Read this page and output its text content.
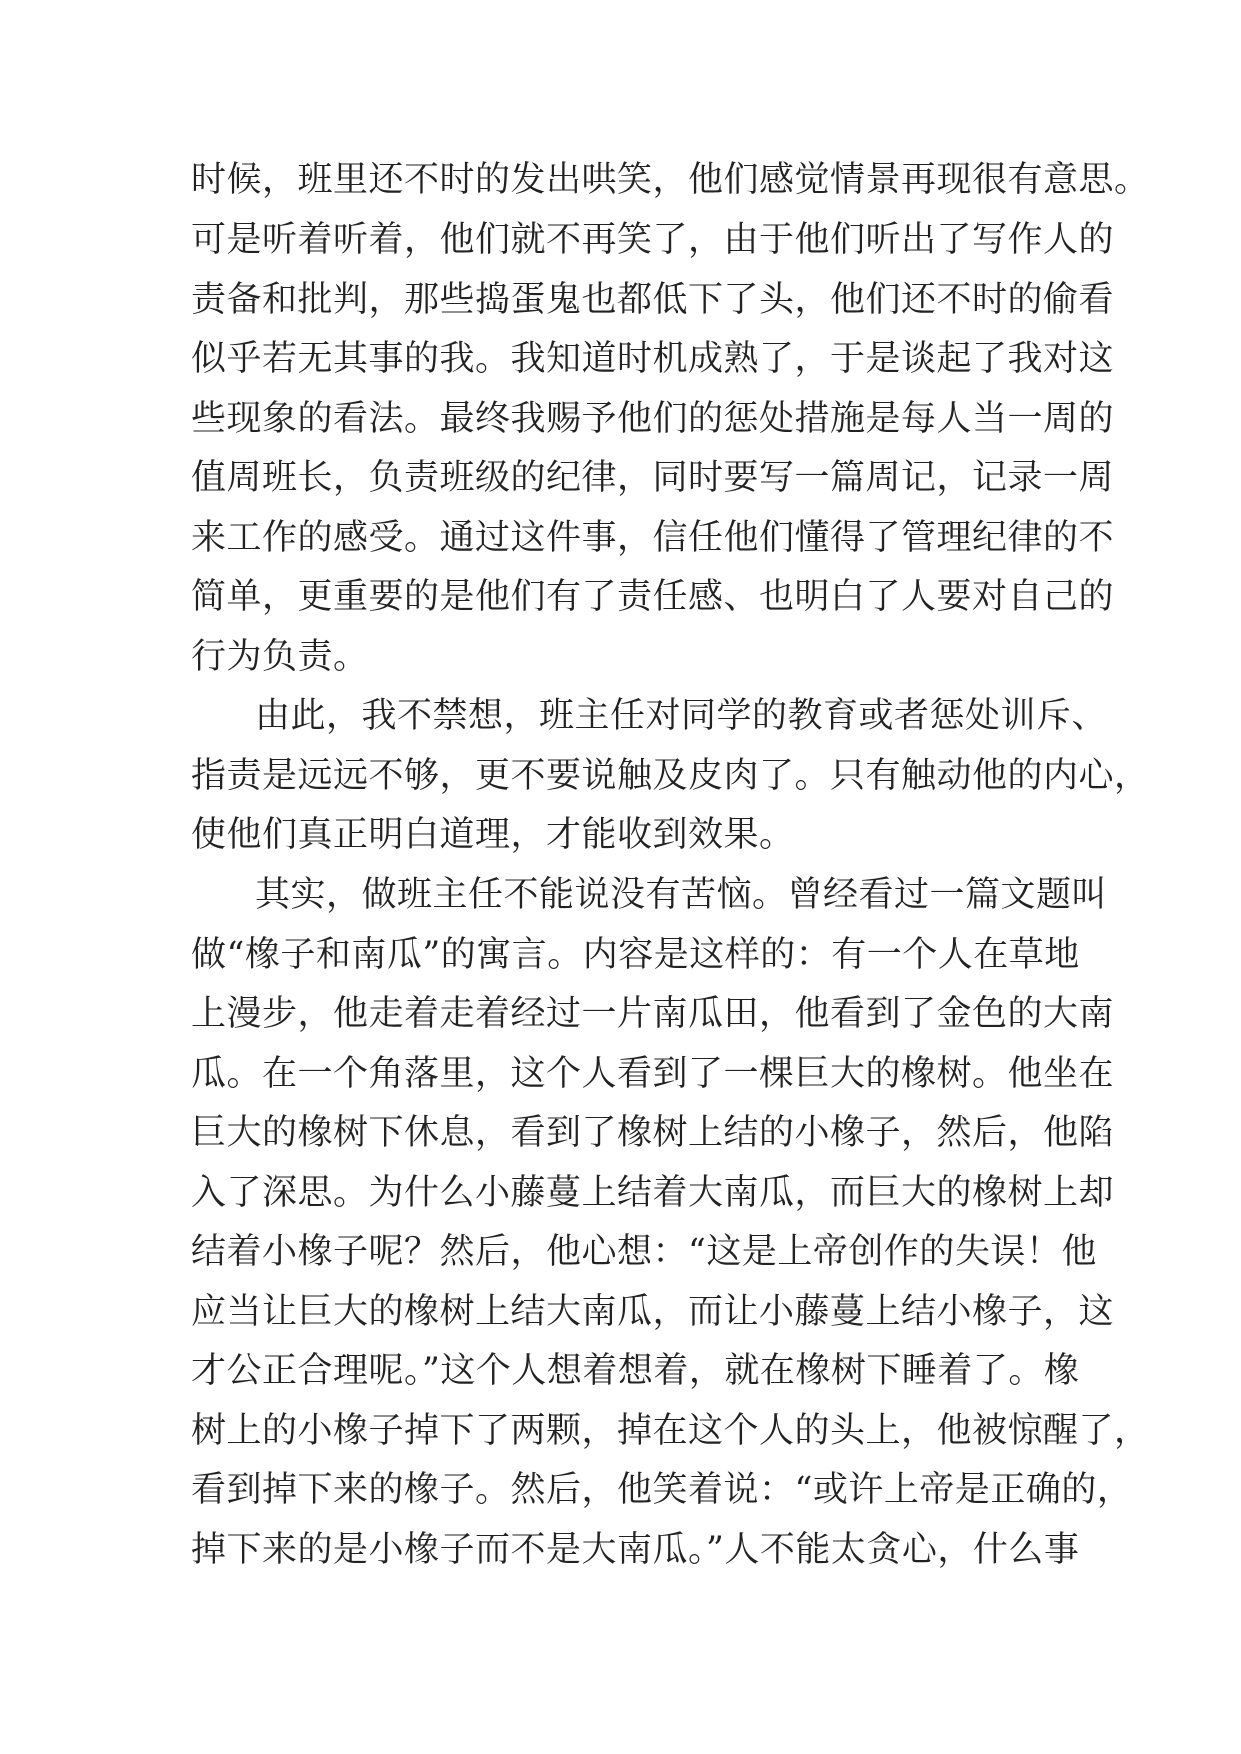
时候，班里还不时的发出哄笑，他们感觉情景再现很有意思。

可是听着听着，他们就不再笑了，由于他们听出了写作人的

责备和批判，那些捣蛋鬼也都低下了头，他们还不时的偷看

似乎若无其事的我。我知道时机成熟了，于是谈起了我对这

些现象的看法。最终我赐予他们的惩处措施是每人当一周的

值周班长，负责班级的纪律，同时要写一篇周记，记录一周

来工作的感受。通过这件事，信任他们懂得了管理纪律的不

简单，更重要的是他们有了责任感、也明白了人要对自己的

行为负责。

由此，我不禁想，班主任对同学的教育或者惩处训斥、

指责是远远不够，更不要说触及皮肉了。只有触动他的内心，

使他们真正明白道理，才能收到效果。

其实，做班主任不能说没有苦恼。曾经看过一篇文题叫

做“橡子和南瓜”的寓言。内容是这样的：有一个人在草地

上漫步，他走着走着经过一片南瓜田，他看到了金色的大南

瓜。在一个角落里，这个人看到了一棵巨大的橡树。他坐在

巨大的橡树下休息，看到了橡树上结的小橡子，然后，他陷

入了深思。为什么小藤蔓上结着大南瓜，而巨大的橡树上却

结着小橡子呢？然后，他心想：“这是上帝创作的失误！他

应当让巨大的橡树上结大南瓜，而让小藤蔓上结小橡子，这

才公正合理呢。”这个人想着想着，就在橡树下睡着了。橡

树上的小橡子掉下了两颗，掉在这个人的头上，他被惊醒了，

看到掉下来的橡子。然后，他笑着说：“或许上帝是正确的，

掉下来的是小橡子而不是大南瓜。”人不能太贪心，什么事
